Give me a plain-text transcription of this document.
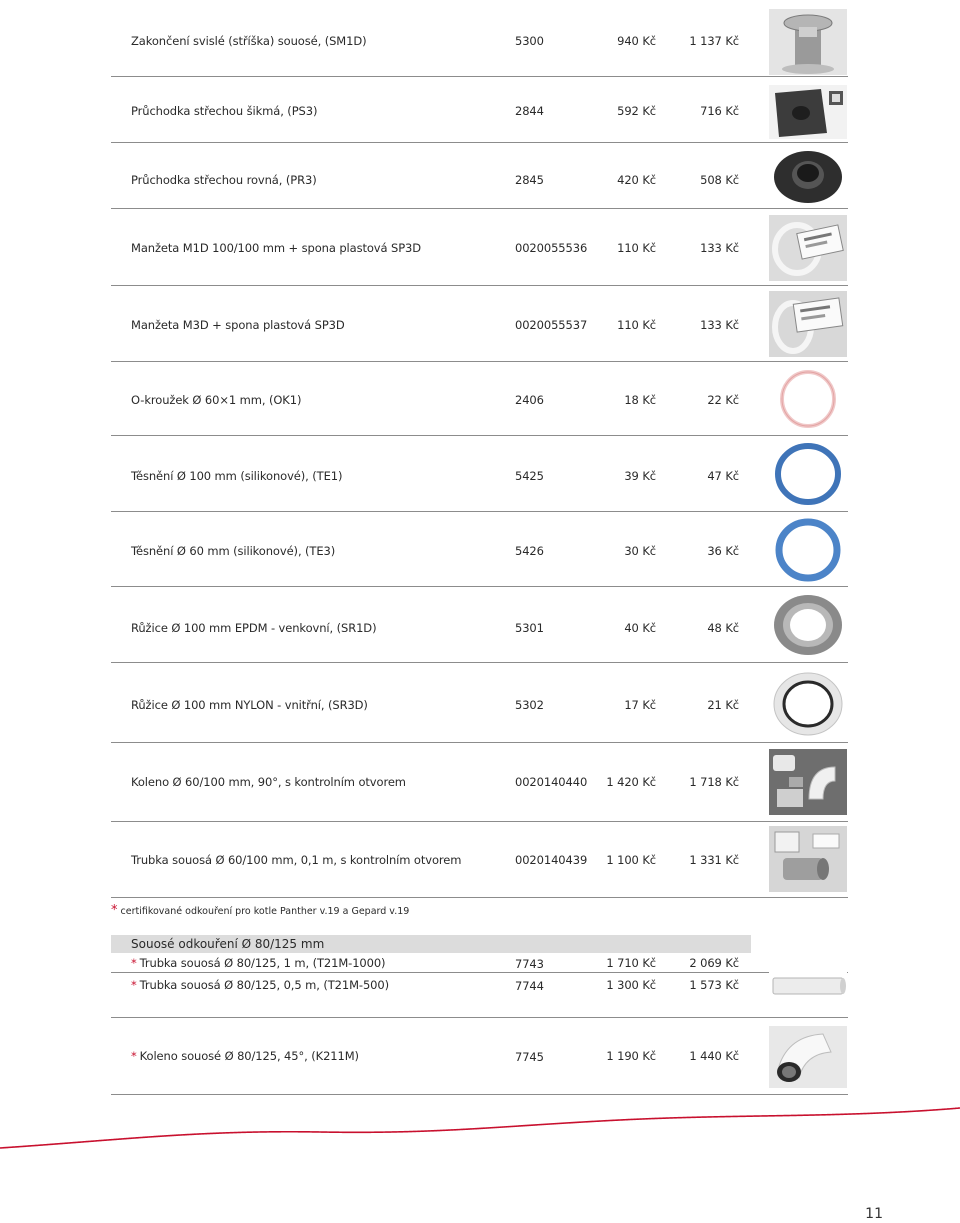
Zakončení svislé (stříška) souosé, (SM1D)	5300	940 Kč	1 137 Kč
Průchodka střechou šikmá, (PS3)	2844	592 Kč	716 Kč
Průchodka střechou rovná, (PR3)	2845	420 Kč	508 Kč
Manžeta M1D 100/100 mm + spona plastová SP3D	0020055536	110 Kč	133 Kč
Manžeta M3D + spona plastová SP3D	0020055537	110 Kč	133 Kč
O-kroužek Ø 60×1 mm, (OK1)	2406	18 Kč	22 Kč
Těsnění Ø 100 mm (silikonové), (TE1)	5425	39 Kč	47 Kč
Těsnění Ø 60 mm (silikonové), (TE3)	5426	30 Kč	36 Kč
Růžice Ø 100 mm EPDM - venkovní, (SR1D)	5301	40 Kč	48 Kč
Růžice Ø 100 mm NYLON - vnitřní, (SR3D)	5302	17 Kč	21 Kč
Koleno Ø 60/100 mm, 90°, s kontrolním otvorem	0020140440	1 420 Kč	1 718 Kč
Trubka souosá Ø 60/100 mm, 0,1 m, s kontrolním otvorem	0020140439	1 100 Kč	1 331 Kč
* certifikované odkouření pro kotle Panther v.19 a Gepard v.19
Souosé odkouření Ø 80/125 mm
* Trubka souosá Ø 80/125, 1 m, (T21M-1000)	7743	1 710 Kč	2 069 Kč
* Trubka souosá Ø 80/125, 0,5 m, (T21M-500)	7744	1 300 Kč	1 573 Kč
* Koleno souosé Ø 80/125, 45°, (K211M)	7745	1 190 Kč	1 440 Kč
11
